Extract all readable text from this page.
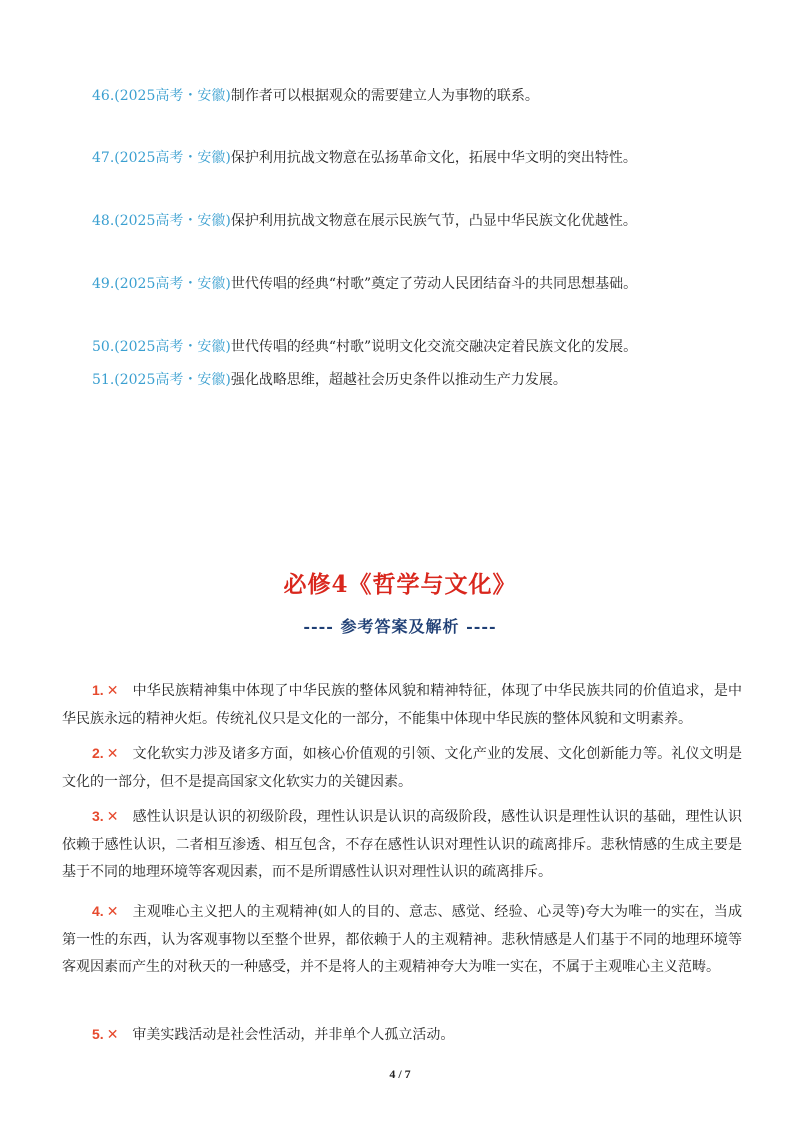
46.(2025高考・安徽)制作者可以根据观众的需要建立人为事物的联系。
47.(2025高考・安徽)保护利用抗战文物意在弘扬革命文化，拓展中华文明的突出特性。
48.(2025高考・安徽)保护利用抗战文物意在展示民族气节，凸显中华民族文化优越性。
49.(2025高考・安徽)世代传唱的经典“村歌”奠定了劳动人民团结奋斗的共同思想基础。
50.(2025高考・安徽)世代传唱的经典“村歌”说明文化交流交融决定着民族文化的发展。
51.(2025高考・安徽)强化战略思维，超越社会历史条件以推动生产力发展。
必修4《哲学与文化》
---- 参考答案及解析 ----
1. ✕ 中华民族精神集中体现了中华民族的整体风貌和精神特征，体现了中华民族共同的价值追求，是中华民族永远的精神火炬。传统礼仪只是文化的一部分，不能集中体现中华民族的整体风貌和文明素养。
2. ✕ 文化软实力涉及诸多方面，如核心价值观的引领、文化产业的发展、文化创新能力等。礼仪文明是文化的一部分，但不是提高国家文化软实力的关键因素。
3. ✕ 感性认识是认识的初级阶段，理性认识是认识的高级阶段，感性认识是理性认识的基础，理性认识依赖于感性认识，二者相互渗透、相互包含，不存在感性认识对理性认识的疏离排斥。悲秋情感的生成主要是基于不同的地理环境等客观因素，而不是所谓感性认识对理性认识的疏离排斥。
4. ✕ 主观唯心主义把人的主观精神(如人的目的、意志、感觉、经验、心灵等)夸大为唯一的实在，当成第一性的东西，认为客观事物以至整个世界，都依赖于人的主观精神。悲秋情感是人们基于不同的地理环境等客观因素而产生的对秋天的一种感受，并不是将人的主观精神夸大为唯一实在，不属于主观唯心主义范畴。
5. ✕ 审美实践活动是社会性活动，并非单个人孤立活动。
4 / 7
